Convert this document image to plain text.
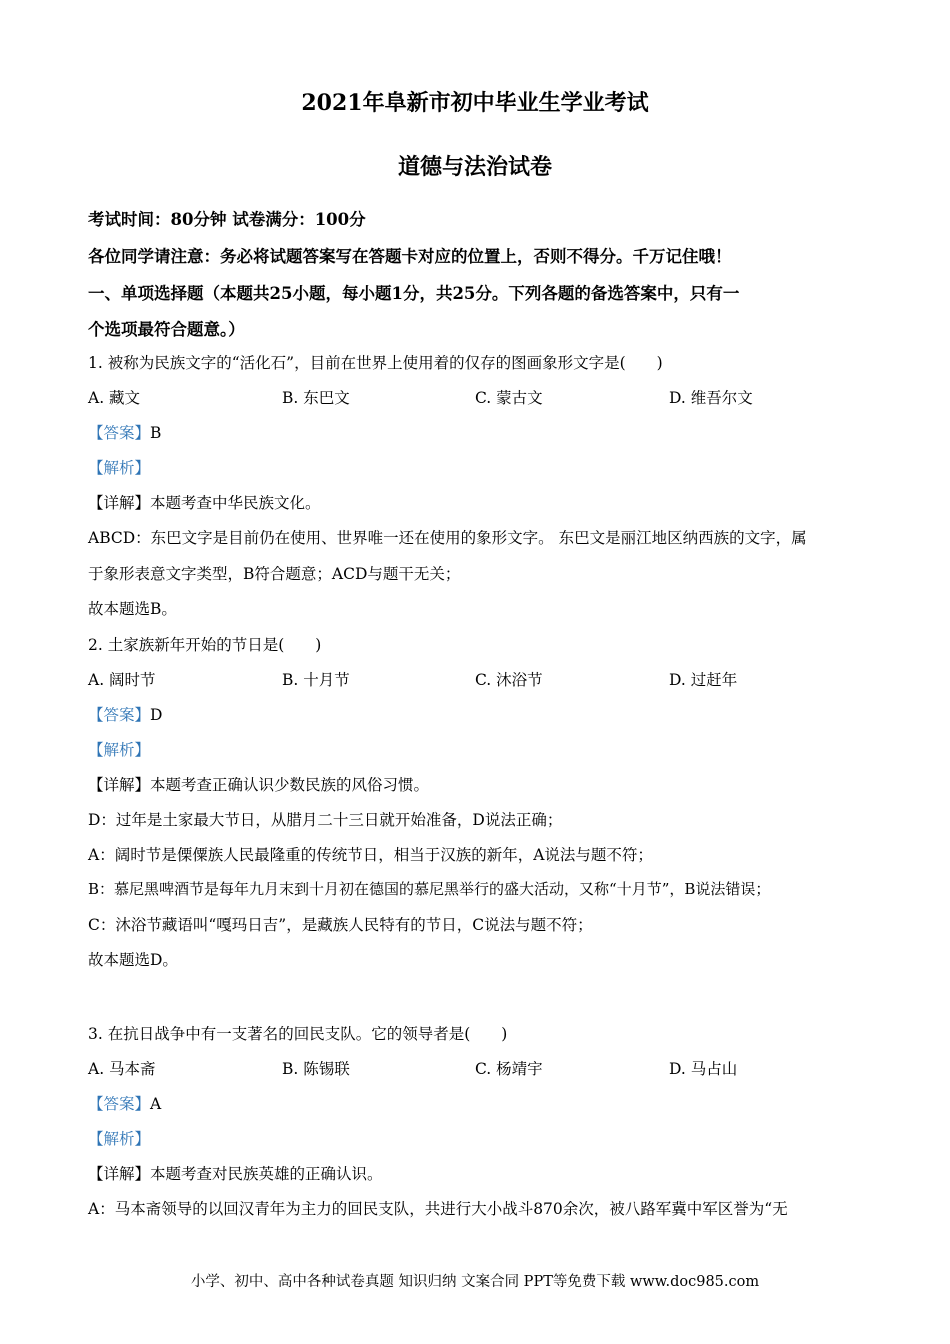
2021年阜新市初中毕业生学业考试
道德与法治试卷
考试时间：80分钟 试卷满分：100分
各位同学请注意：务必将试题答案写在答题卡对应的位置上，否则不得分。千万记住哦！
一、单项选择题（本题共25小题，每小题1分，共25分。下列各题的备选答案中，只有一
个选项最符合题意。）
1. 被称为民族文字的“活化石”，目前在世界上使用着的仅存的图画象形文字是(　　)
A. 藏文	B. 东巴文	C. 蒙古文	D. 维吾尔文
【答案】B
【解析】
【详解】本题考查中华民族文化。
ABCD：东巴文字是目前仍在使用、世界唯一还在使用的象形文字。 东巴文是丽江地区纳西族的文字，属
于象形表意文字类型，B符合题意；ACD与题干无关；
故本题选B。
2. 土家族新年开始的节日是(　　)
A. 阔时节	B. 十月节	C. 沐浴节	D. 过赶年
【答案】D
【解析】
【详解】本题考查正确认识少数民族的风俗习惯。
D：过年是土家最大节日，从腊月二十三日就开始准备，D说法正确；
A：阔时节是傈僳族人民最隆重的传统节日，相当于汉族的新年，A说法与题不符；
B：慕尼黑啤酒节是每年九月末到十月初在德国的慕尼黑举行的盛大活动，又称“十月节”，B说法错误；
C：沐浴节藏语叫“嘎玛日吉”，是藏族人民特有的节日，C说法与题不符；
故本题选D。
3. 在抗日战争中有一支著名的回民支队。它的领导者是(　　)
A. 马本斋	B. 陈锡联	C. 杨靖宇	D. 马占山
【答案】A
【解析】
【详解】本题考查对民族英雄的正确认识。
A：马本斋领导的以回汉青年为主力的回民支队，共进行大小战斗870余次，被八路军冀中军区誉为“无
小学、初中、高中各种试卷真题 知识归纳 文案合同 PPT等免费下载 www.doc985.com
